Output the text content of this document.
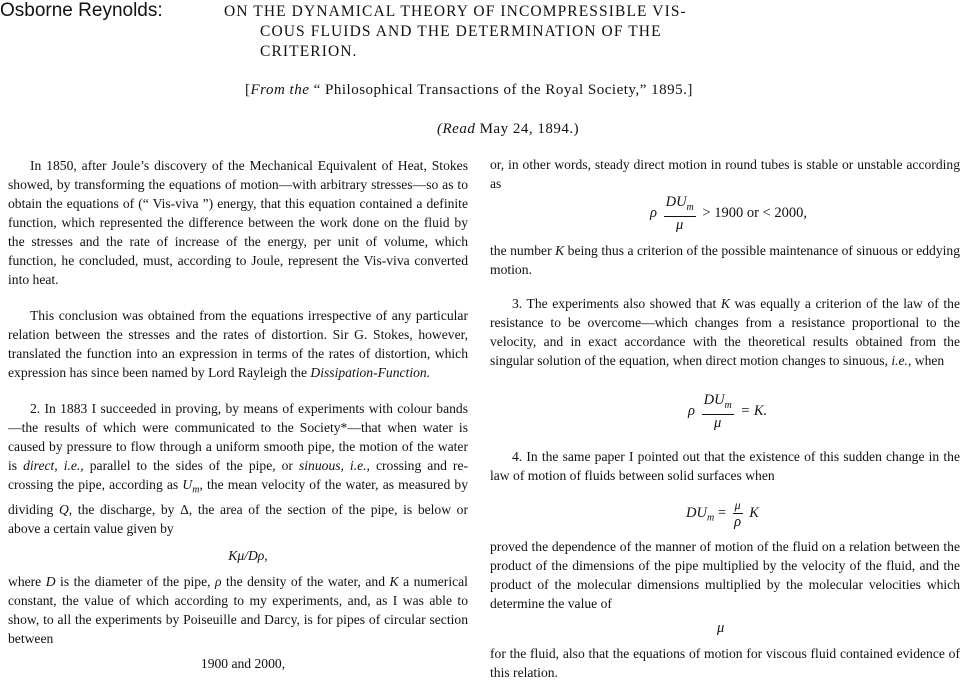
Osborne Reynolds:	ON THE DYNAMICAL THEORY OF INCOMPRESSIBLE VIS-
COUS FLUIDS AND THE DETERMINATION OF THE
CRITERION.
[From the “ Philosophical Transactions of the Royal Society,” 1895.]
(Read May 24, 1894.)

In 1850, after Joule’s discovery of the Mechanical Equivalent of Heat, Stokes showed, by transforming the equations of motion—with arbitrary stresses—so as to obtain the equations of (“ Vis-viva ”) energy, that this equation contained a definite function, which represented the difference between the work done on the fluid by the stresses and the rate of increase of the energy, per unit of volume, which function, he concluded, must, according to Joule, represent the Vis-viva converted into heat.

This conclusion was obtained from the equations irrespective of any particular relation between the stresses and the rates of distortion. Sir G. Stokes, however, translated the function into an expression in terms of the rates of distortion, which expression has since been named by Lord Rayleigh the Dissipation-Function.

2. In 1883 I succeeded in proving, by means of experiments with colour bands—the results of which were communicated to the Society*—that when water is caused by pressure to flow through a uniform smooth pipe, the motion of the water is direct, i.e., parallel to the sides of the pipe, or sinuous, i.e., crossing and re-crossing the pipe, according as $U_m$, the mean velocity of the water, as measured by dividing Q, the discharge, by Δ, the area of the section of the pipe, is below or above a certain value given by

Kμ/Dρ,

where D is the diameter of the pipe, ρ the density of the water, and K a numerical constant, the value of which according to my experiments, and, as I was able to show, to all the experiments by Poiseuille and Darcy, is for pipes of circular section between

1900 and 2000,

or, in other words, steady direct motion in round tubes is stable or unstable according as

ρ $\frac{DU_m}{\mu} > 1900$ or < 2000,
the number K being thus a criterion of the possible maintenance of sinuous or eddying motion.

3. The experiments also showed that K was equally a criterion of the law of the resistance to be overcome—which changes from a resistance proportional to the velocity, and in exact accordance with the theoretical results obtained from the singular solution of the equation, when direct motion changes to sinuous, i.e., when

ρ $\frac{DU_m}{\mu} = K$.

4. In the same paper I pointed out that the existence of this sudden change in the law of motion of fluids between solid surfaces when

$DU_m = \frac{\mu}{\rho}$ K
proved the dependence of the manner of motion of the fluid on a relation between the product of the dimensions of the pipe multiplied by the velocity of the fluid, and the product of the molecular dimensions multiplied by the molecular velocities which determine the value of
μ
for the fluid, also that the equations of motion for viscous fluid contained evidence of this relation.
